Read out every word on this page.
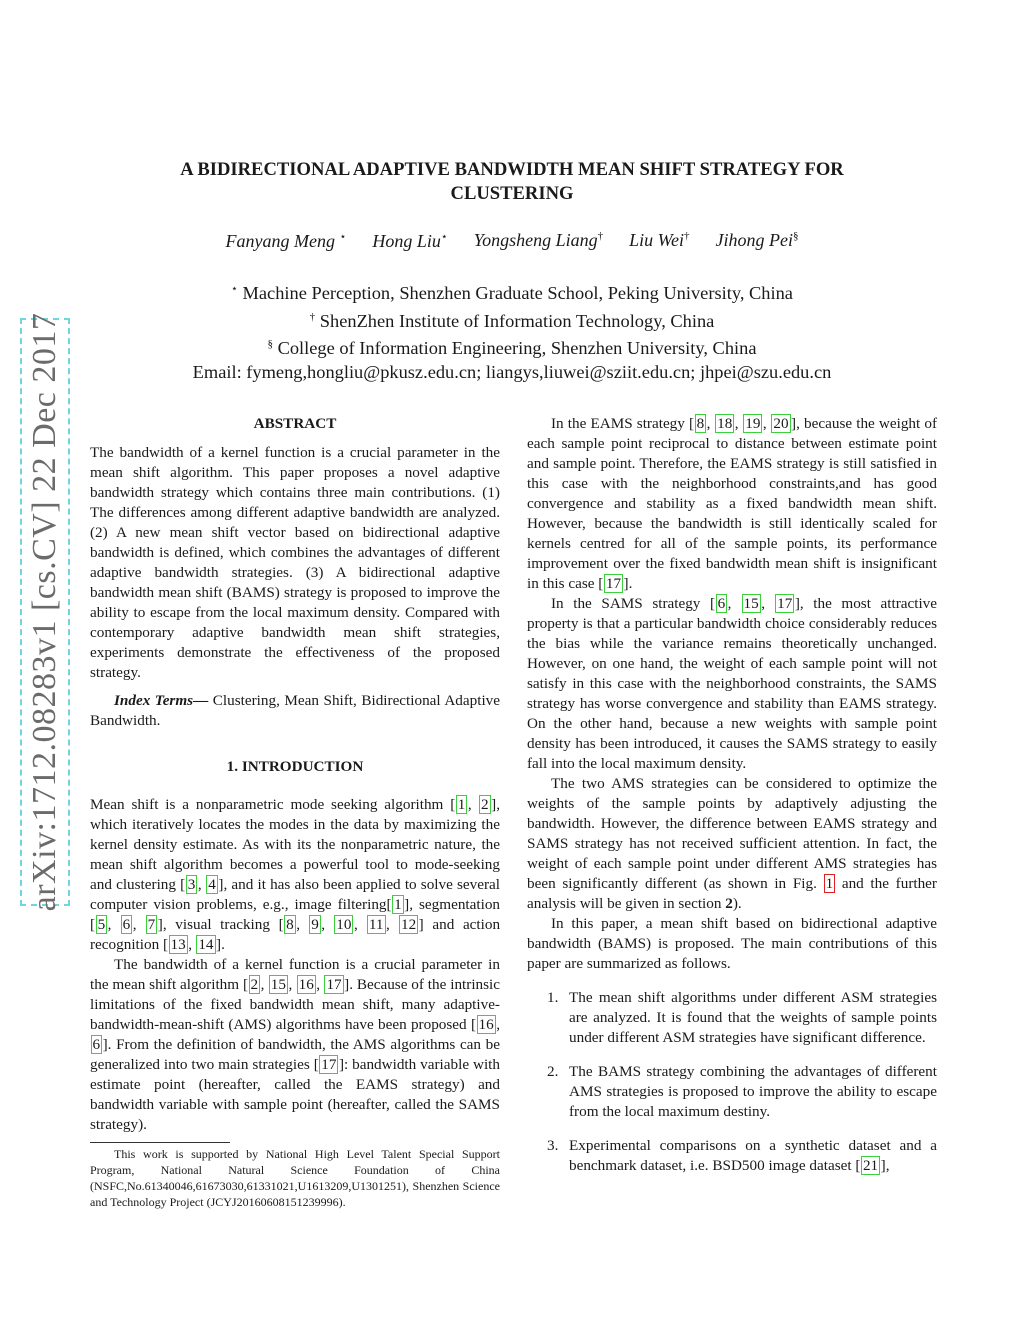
arXiv:1712.08283v1 [cs.CV] 22 Dec 2017
A BIDIRECTIONAL ADAPTIVE BANDWIDTH MEAN SHIFT STRATEGY FOR
CLUSTERING
Fanyang Meng ⋆ Hong Liu⋆ Yongsheng Liang† Liu Wei† Jihong Pei§
⋆ Machine Perception, Shenzhen Graduate School, Peking University, China
† ShenZhen Institute of Information Technology, China
§ College of Information Engineering, Shenzhen University, China
Email: fymeng,hongliu@pkusz.edu.cn; liangys,liuwei@sziit.edu.cn; jhpei@szu.edu.cn
ABSTRACT

The bandwidth of a kernel function is a crucial parameter in the mean shift algorithm. This paper proposes a novel adaptive bandwidth strategy which contains three main contributions. (1) The differences among different adaptive bandwidth are analyzed. (2) A new mean shift vector based on bidirectional adaptive bandwidth is defined, which combines the advantages of different adaptive bandwidth strategies. (3) A bidirectional adaptive bandwidth mean shift (BAMS) strategy is proposed to improve the ability to escape from the local maximum density. Compared with contemporary adaptive bandwidth mean shift strategies, experiments demonstrate the effectiveness of the proposed strategy.

Index Terms— Clustering, Mean Shift, Bidirectional Adaptive Bandwidth.

1. INTRODUCTION

Mean shift is a nonparametric mode seeking algorithm [ 1 , 2 ], which iteratively locates the modes in the data by maximizing the kernel density estimate. As with its the nonparametric nature, the mean shift algorithm becomes a powerful tool to mode-seeking and clustering [ 3 , 4 ], and it has also been applied to solve several computer vision problems, e.g., image filtering[ 1 ], segmentation [ 5 , 6 , 7 ], visual tracking [ 8 , 9 , 10 , 11 , 12 ] and action recognition [ 13 , 14 ].

The bandwidth of a kernel function is a crucial parameter in the mean shift algorithm [ 2 , 15 , 16 , 17 ]. Because of the intrinsic limitations of the fixed bandwidth mean shift, many adaptive-bandwidth-mean-shift (AMS) algorithms have been proposed [ 16 , 6 ]. From the definition of bandwidth, the AMS algorithms can be generalized into two main strategies [ 17 ]: bandwidth variable with estimate point (hereafter, called the EAMS strategy) and bandwidth variable with sample point (hereafter, called the SAMS strategy).

This work is supported by National High Level Talent Special Support Program, National Natural Science Foundation of China (NSFC,No.61340046,61673030,61331021,U1613209,U1301251), Shenzhen Science and Technology Project (JCYJ20160608151239996).

In the EAMS strategy [ 8 , 18 , 19 , 20 ], because the weight of each sample point reciprocal to distance between estimate point and sample point. Therefore, the EAMS strategy is still satisfied in this case with the neighborhood constraints,and has good convergence and stability as a fixed bandwidth mean shift. However, because the bandwidth is still identically scaled for kernels centred for all of the sample points, its performance improvement over the fixed bandwidth mean shift is insignificant in this case [ 17 ].

In the SAMS strategy [ 6 , 15 , 17 ], the most attractive property is that a particular bandwidth choice considerably reduces the bias while the variance remains theoretically unchanged. However, on one hand, the weight of each sample point will not satisfy in this case with the neighborhood constraints, the SAMS strategy has worse convergence and stability than EAMS strategy. On the other hand, because a new weights with sample point density has been introduced, it causes the SAMS strategy to easily fall into the local maximum density.

The two AMS strategies can be considered to optimize the weights of the sample points by adaptively adjusting the bandwidth. However, the difference between EAMS strategy and SAMS strategy has not received sufficient attention. In fact, the weight of each sample point under different AMS strategies has been significantly different (as shown in Fig. 1 and the further analysis will be given in section 2).

In this paper, a mean shift based on bidirectional adaptive bandwidth (BAMS) is proposed. The main contributions of this paper are summarized as follows.

1. The mean shift algorithms under different ASM strategies are analyzed. It is found that the weights of sample points under different ASM strategies have significant difference.
2. The BAMS strategy combining the advantages of different AMS strategies is proposed to improve the ability to escape from the local maximum destiny.
3. Experimental comparisons on a synthetic dataset and a benchmark dataset, i.e. BSD500 image dataset [ 21 ],
